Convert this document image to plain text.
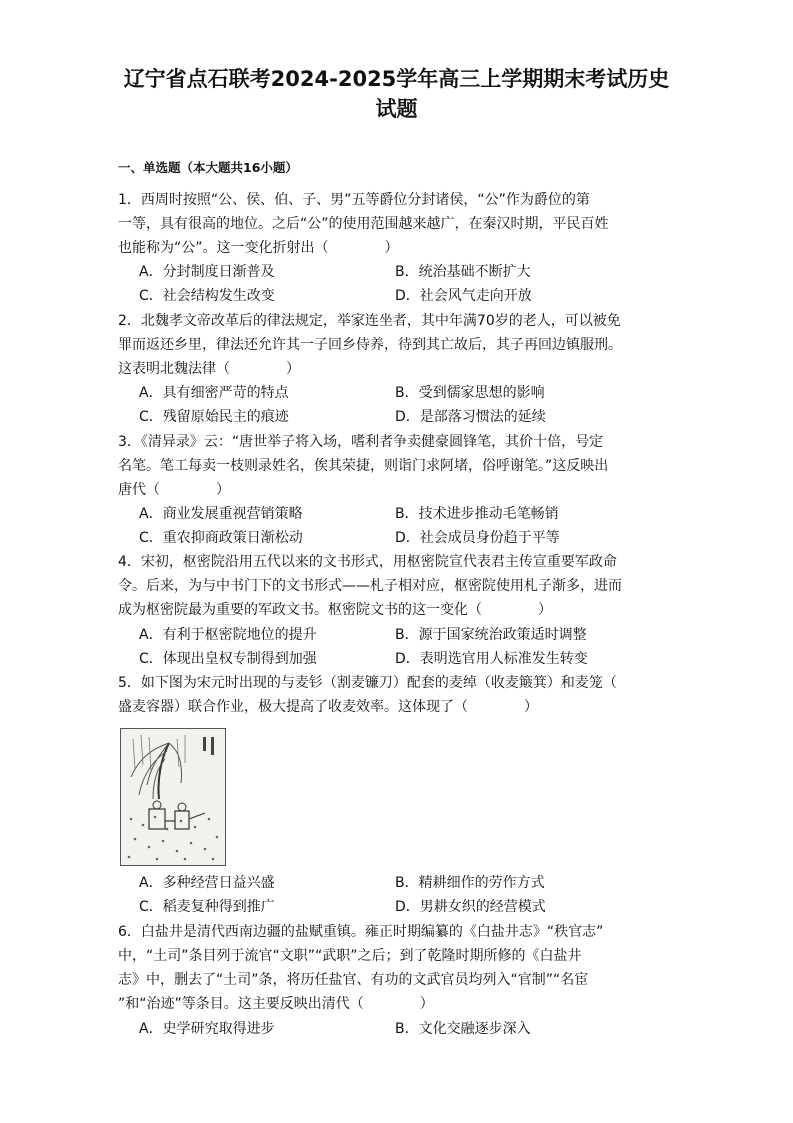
辽宁省点石联考2024-2025学年高三上学期期末考试历史
试题
一、单选题（本大题共16小题）

1．西周时按照“公、侯、伯、子、男”五等爵位分封诸侯，“公”作为爵位的第

一等，具有很高的地位。之后“公”的使用范围越来越广，在秦汉时期，平民百姓

也能称为“公”。这一变化折射出（　　　　）

A．分封制度日渐普及	B．统治基础不断扩大
C．社会结构发生改变	D．社会风气走向开放

2．北魏孝文帝改革后的律法规定，举家连坐者，其中年满70岁的老人，可以被免

罪而返还乡里，律法还允许其一子回乡侍养，待到其亡故后，其子再回边镇服刑。

这表明北魏法律（　　　　）

A．具有细密严苛的特点	B．受到儒家思想的影响
C．残留原始民主的痕迹	D．是部落习惯法的延续

3．《清异录》云：“唐世举子将入场，嗜利者争卖健豪圆锋笔，其价十倍，号定

名笔。笔工每卖一枝则录姓名，俟其荣捷，则诣门求阿堵，俗呼谢笔。”这反映出

唐代（　　　　）

A．商业发展重视营销策略	B．技术进步推动毛笔畅销
C．重农抑商政策日渐松动	D．社会成员身份趋于平等

4．宋初，枢密院沿用五代以来的文书形式，用枢密院宣代表君主传宣重要军政命

令。后来，为与中书门下的文书形式——札子相对应，枢密院使用札子渐多，进而

成为枢密院最为重要的军政文书。枢密院文书的这一变化（　　　　）

A．有利于枢密院地位的提升	B．源于国家统治政策适时调整
C．体现出皇权专制得到加强	D．表明选官用人标准发生转变

5．如下图为宋元时出现的与麦钐（割麦镰刀）配套的麦绰（收麦簸箕）和麦笼（

盛麦容器）联合作业，极大提高了收麦效率。这体现了（　　　　）

A．多种经营日益兴盛	B．精耕细作的劳作方式
C．稻麦复种得到推广	D．男耕女织的经营模式

6．白盐井是清代西南边疆的盐赋重镇。雍正时期编纂的《白盐井志》“秩官志”

中，“土司”条目列于流官“文职”“武职”之后；到了乾隆时期所修的《白盐井

志》中，删去了“土司”条，将历任盐官、有功的文武官员均列入“官制”“名宦

”和“治迹”等条目。这主要反映出清代（　　　　）

A．史学研究取得进步	B．文化交融逐步深入
